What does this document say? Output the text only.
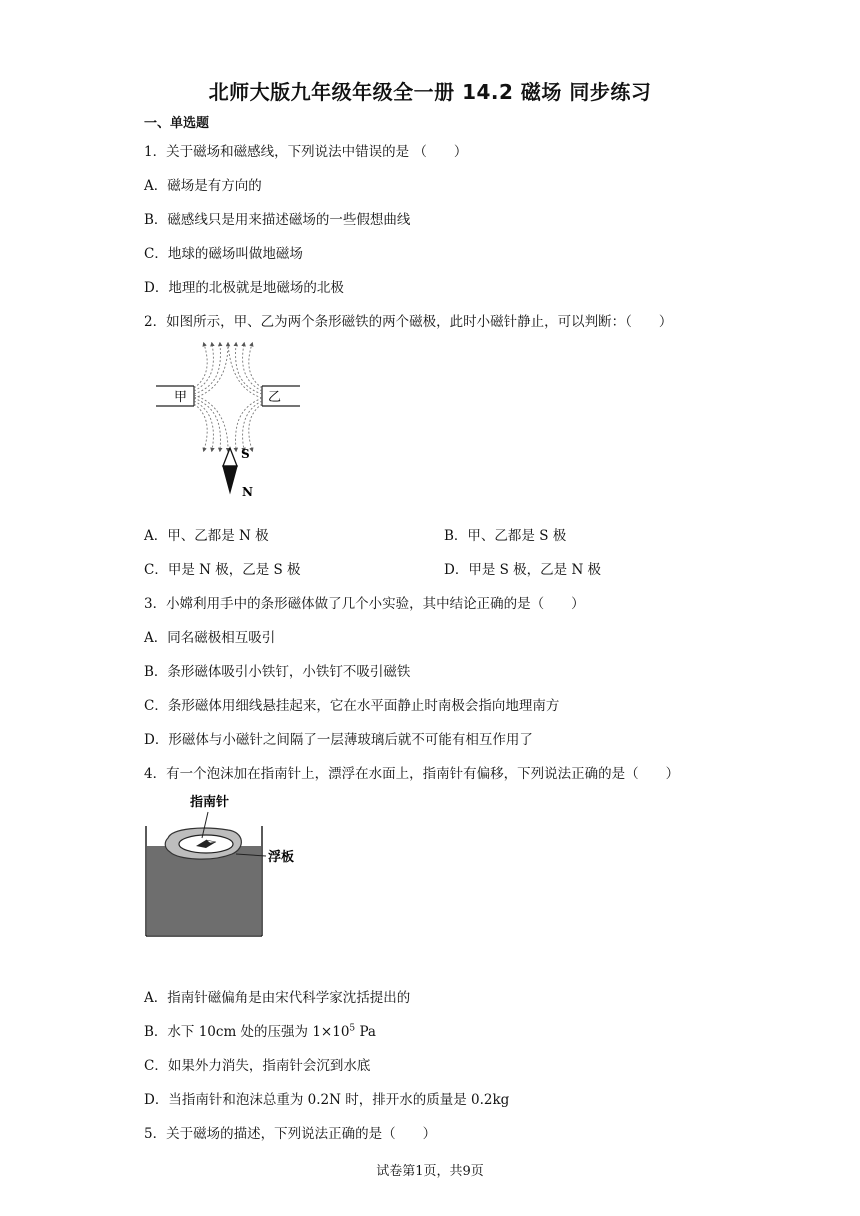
北师大版九年级年级全一册 14.2 磁场 同步练习
一、单选题
1．关于磁场和磁感线，下列说法中错误的是 （　　）
A．磁场是有方向的
B．磁感线只是用来描述磁场的一些假想曲线
C．地球的磁场叫做地磁场
D．地理的北极就是地磁场的北极
2．如图所示，甲、乙为两个条形磁铁的两个磁极，此时小磁针静止，可以判断：（　　）
甲	乙
S
N
A．甲、乙都是 N 极	B．甲、乙都是 S 极
C．甲是 N 极，乙是 S 极	D．甲是 S 极，乙是 N 极
3．小嫦利用手中的条形磁体做了几个小实验，其中结论正确的是（　　）
A．同名磁极相互吸引
B．条形磁体吸引小铁钉，小铁钉不吸引磁铁
C．条形磁体用细线悬挂起来，它在水平面静止时南极会指向地理南方
D．形磁体与小磁针之间隔了一层薄玻璃后就不可能有相互作用了
4．有一个泡沫加在指南针上，漂浮在水面上，指南针有偏移，下列说法正确的是（　　）
指南针
浮板
A．指南针磁偏角是由宋代科学家沈括提出的
B．水下 10cm 处的压强为 $1\times 10^5$ Pa
C．如果外力消失，指南针会沉到水底
D．当指南针和泡沫总重为 0.2N 时，排开水的质量是 0.2kg
5．关于磁场的描述，下列说法正确的是（　　）
试卷第1页，共9页
